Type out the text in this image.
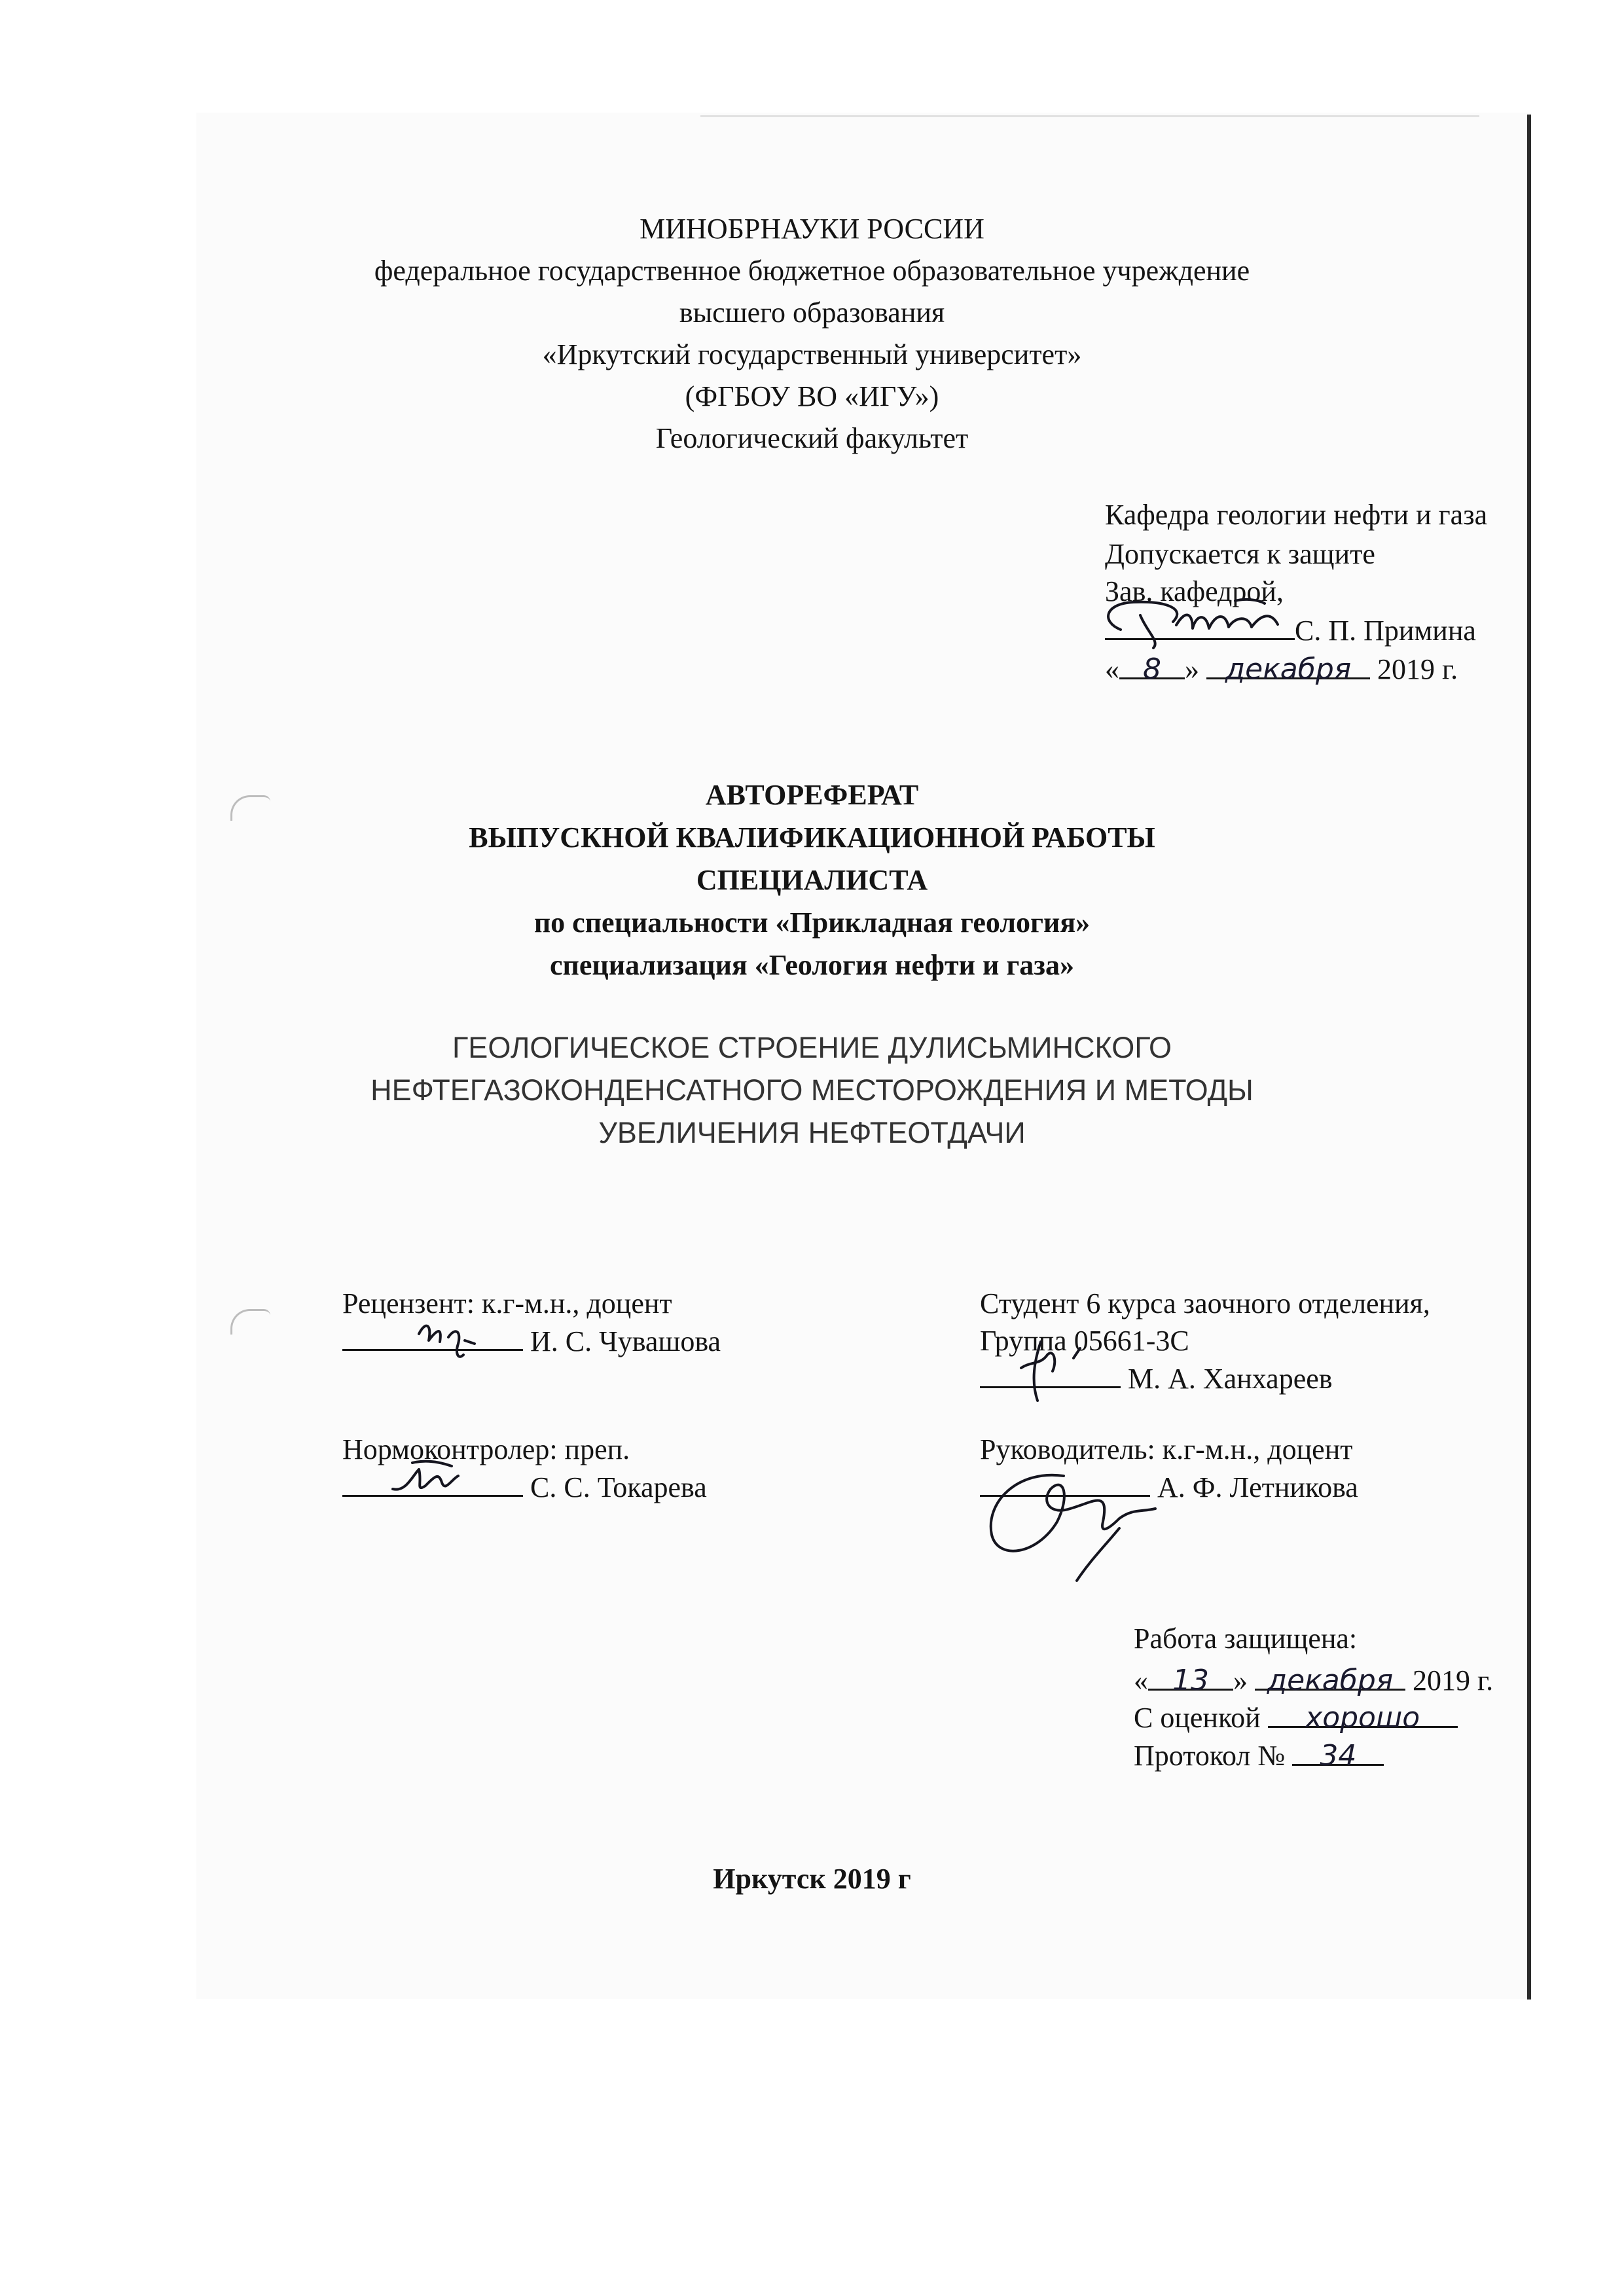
МИНОБРНАУКИ РОССИИ
федеральное государственное бюджетное образовательное учреждение
высшего образования
«Иркутский государственный университет»
(ФГБОУ ВО «ИГУ»)
Геологический факультет
Кафедра геологии нефти и газа
Допускается к защите
Зав. кафедрой,
С. П. Примина
« 8 » декабря 2019 г.
АВТОРЕФЕРАТ
ВЫПУСКНОЙ КВАЛИФИКАЦИОННОЙ РАБОТЫ
СПЕЦИАЛИСТА
по специальности «Прикладная геология»
специализация «Геология нефти и газа»
ГЕОЛОГИЧЕСКОЕ СТРОЕНИЕ ДУЛИСЬМИНСКОГО
НЕФТЕГАЗОКОНДЕНСАТНОГО МЕСТОРОЖДЕНИЯ И МЕТОДЫ
УВЕЛИЧЕНИЯ НЕФТЕОТДАЧИ
Рецензент: к.г-м.н., доцент
И. С. Чувашова
Нормоконтролер: преп.
С. С. Токарева
Студент 6 курса заочного отделения,
Группа 05661-3С
М. А. Ханхареев
Руководитель: к.г-м.н., доцент
А. Ф. Летникова
Работа защищена:
« 13 » декабря 2019 г.
С оценкой хорошо
Протокол № 34
Иркутск 2019 г
